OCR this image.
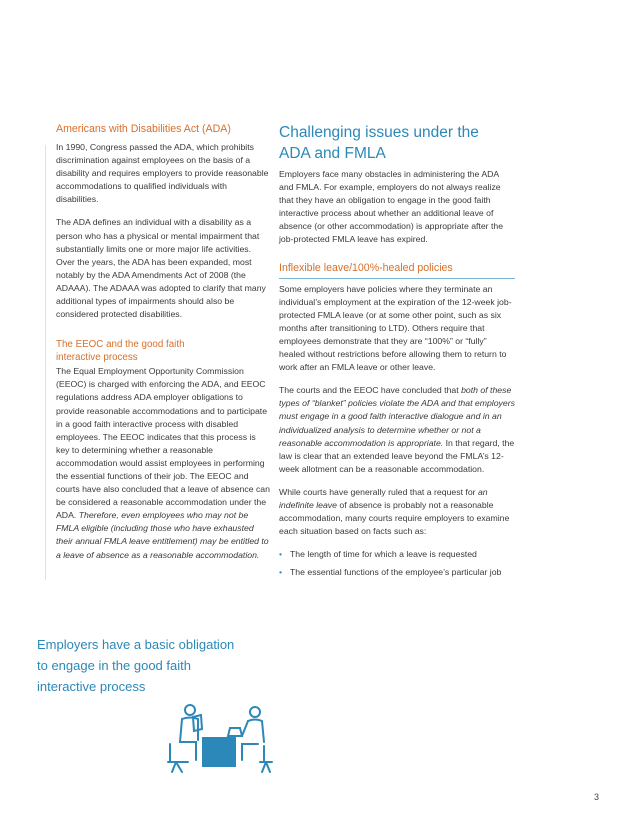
Americans with Disabilities Act (ADA)

In 1990, Congress passed the ADA, which prohibits discrimination against employees on the basis of a disability and requires employers to provide reasonable accommodations to qualified individuals with disabilities.

The ADA defines an individual with a disability as a person who has a physical or mental impairment that substantially limits one or more major life activities. Over the years, the ADA has been expanded, most notably by the ADA Amendments Act of 2008 (the ADAAA). The ADAAA was adopted to clarify that many additional types of impairments should also be considered protected disabilities.

The EEOC and the good faith
interactive process

The Equal Employment Opportunity Commission (EEOC) is charged with enforcing the ADA, and EEOC regulations address ADA employer obligations to provide reasonable accommodations and to participate in a good faith interactive process with disabled employees. The EEOC indicates that this process is key to determining whether a reasonable accommodation would assist employees in performing the essential functions of their job. The EEOC and courts have also concluded that a leave of absence can be considered a reasonable accommodation under the ADA. Therefore, even employees who may not be FMLA eligible (including those who have exhausted their annual FMLA leave entitlement) may be entitled to a leave of absence as a reasonable accommodation.

Employers have a basic obligation
to engage in the good faith
interactive process
Challenging issues under the
ADA and FMLA

Employers face many obstacles in administering the ADA and FMLA. For example, employers do not always realize that they have an obligation to engage in the good faith interactive process about whether an additional leave of absence (or other accommodation) is appropriate after the job-protected FMLA leave has expired.

Inflexible leave/100%-healed policies

Some employers have policies where they terminate an individual’s employment at the expiration of the 12-week job-protected FMLA leave (or at some other point, such as six months after transitioning to LTD). Others require that employees demonstrate that they are “100%” or “fully” healed without restrictions before allowing them to return to work after an FMLA leave or other leave.

The courts and the EEOC have concluded that both of these types of “blanket” policies violate the ADA and that employers must engage in a good faith interactive dialogue and in an individualized analysis to determine whether or not a reasonable accommodation is appropriate. In that regard, the law is clear that an extended leave beyond the FMLA’s 12-week allotment can be a reasonable accommodation.

While courts have generally ruled that a request for an indefinite leave of absence is probably not a reasonable accommodation, many courts require employers to examine each situation based on facts such as:

• The length of time for which a leave is requested
• The essential functions of the employee’s particular job
3
